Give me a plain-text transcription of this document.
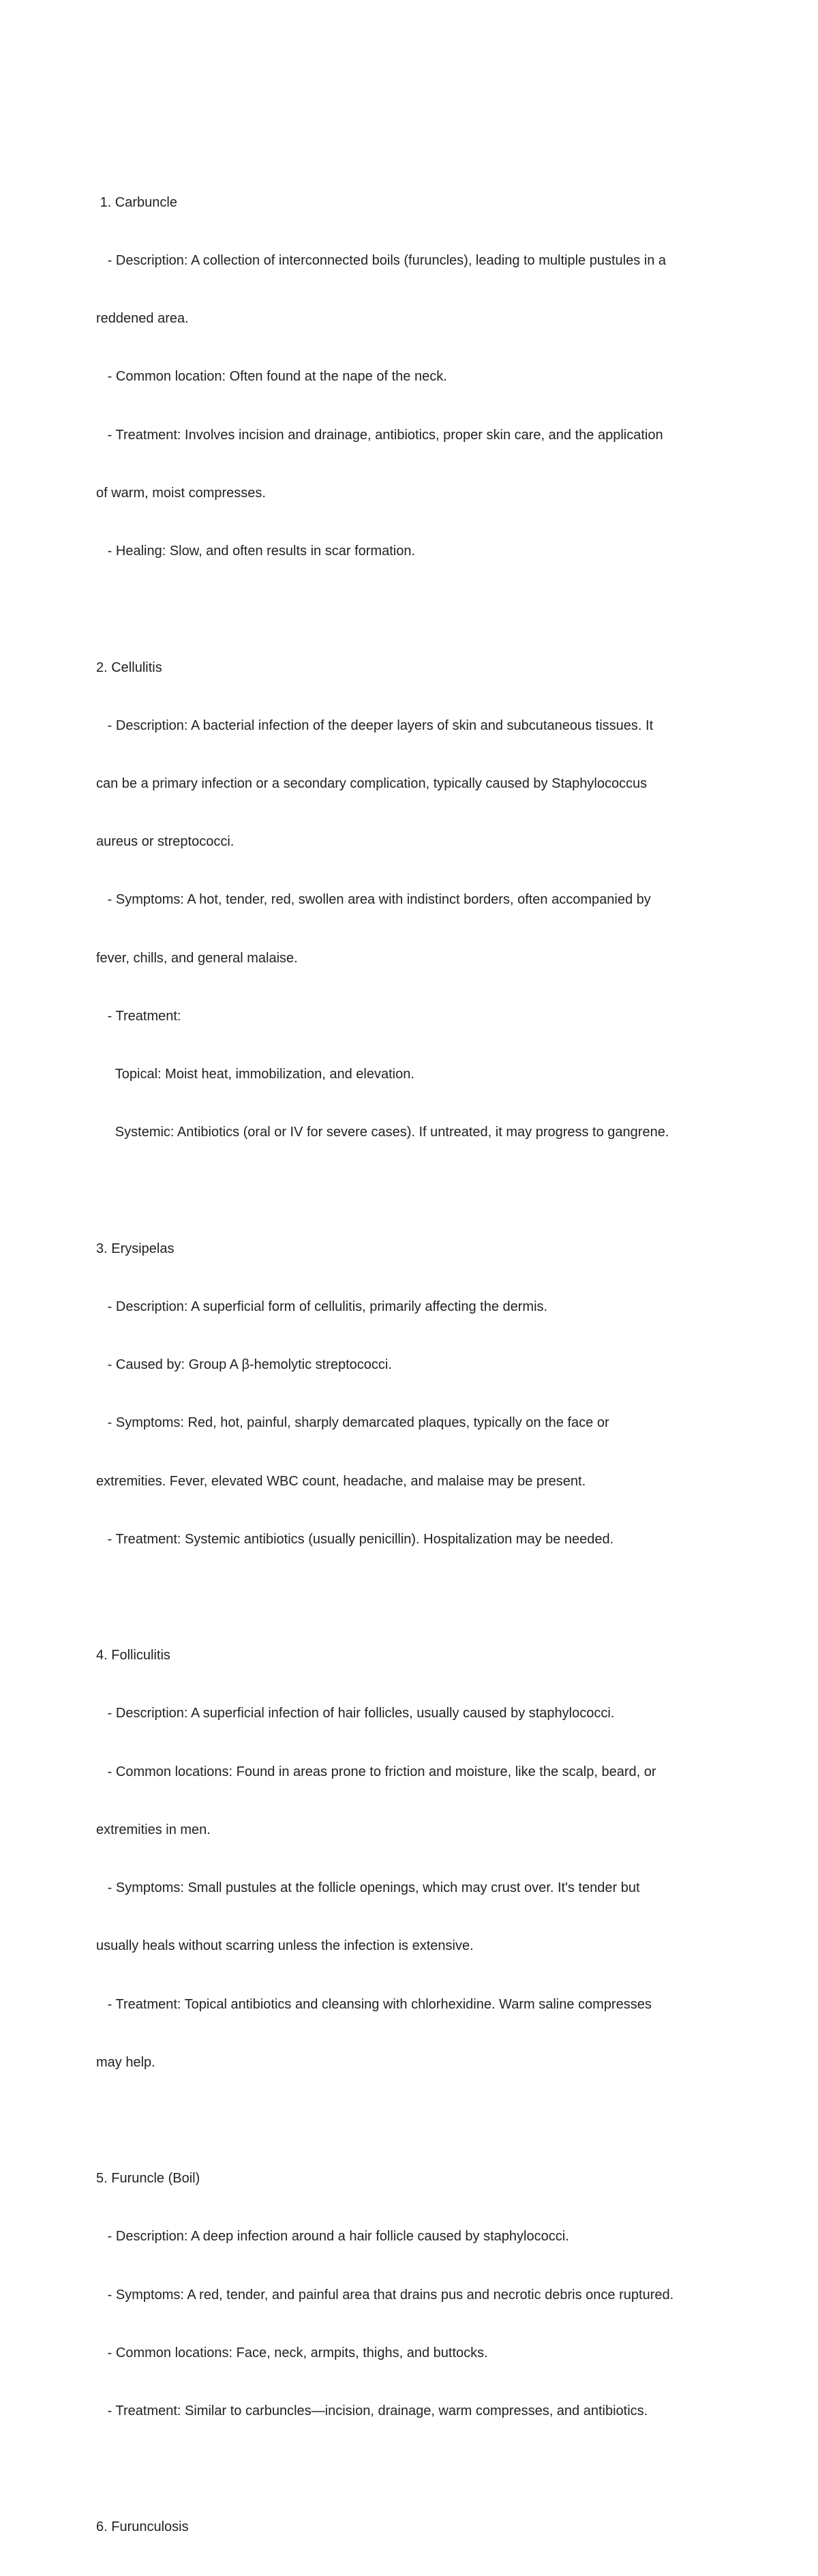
1. Carbuncle

- Description: A collection of interconnected boils (furuncles), leading to multiple pustules in a

reddened area.

- Common location: Often found at the nape of the neck.

- Treatment: Involves incision and drainage, antibiotics, proper skin care, and the application

of warm, moist compresses.

- Healing: Slow, and often results in scar formation.

2. Cellulitis

- Description: A bacterial infection of the deeper layers of skin and subcutaneous tissues. It

can be a primary infection or a secondary complication, typically caused by Staphylococcus

aureus or streptococci.

- Symptoms: A hot, tender, red, swollen area with indistinct borders, often accompanied by

fever, chills, and general malaise.

- Treatment:

Topical: Moist heat, immobilization, and elevation.

Systemic: Antibiotics (oral or IV for severe cases). If untreated, it may progress to gangrene.

3. Erysipelas

- Description: A superficial form of cellulitis, primarily affecting the dermis.

- Caused by: Group A β-hemolytic streptococci.

- Symptoms: Red, hot, painful, sharply demarcated plaques, typically on the face or

extremities. Fever, elevated WBC count, headache, and malaise may be present.

- Treatment: Systemic antibiotics (usually penicillin). Hospitalization may be needed.

4. Folliculitis

- Description: A superficial infection of hair follicles, usually caused by staphylococci.

- Common locations: Found in areas prone to friction and moisture, like the scalp, beard, or

extremities in men.

- Symptoms: Small pustules at the follicle openings, which may crust over. It's tender but

usually heals without scarring unless the infection is extensive.

- Treatment: Topical antibiotics and cleansing with chlorhexidine. Warm saline compresses

may help.

5. Furuncle (Boil)

- Description: A deep infection around a hair follicle caused by staphylococci.

- Symptoms: A red, tender, and painful area that drains pus and necrotic debris once ruptured.

- Common locations: Face, neck, armpits, thighs, and buttocks.

- Treatment: Similar to carbuncles—incision, drainage, warm compresses, and antibiotics.

6. Furunculosis
